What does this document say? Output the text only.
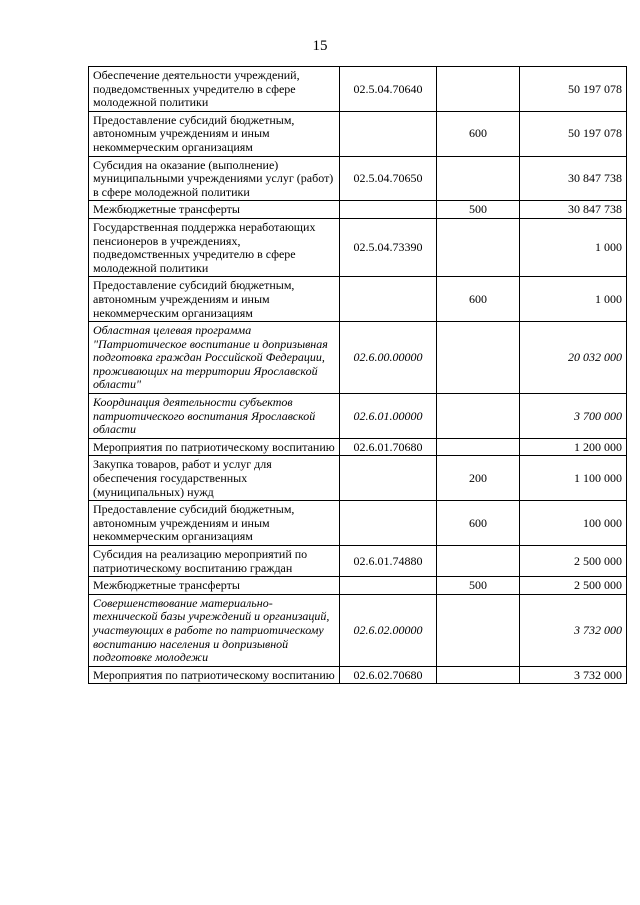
15
Обеспечение деятельности учреждений, подведомственных учредителю в сфере молодежной политики	02.5.04.70640		50 197 078
Предоставление субсидий бюджетным, автономным учреждениям и иным некоммерческим организациям		600	50 197 078
Субсидия на оказание (выполнение) муниципальными учреждениями услуг (работ) в сфере молодежной политики	02.5.04.70650		30 847 738
Межбюджетные трансферты		500	30 847 738
Государственная поддержка неработающих пенсионеров в учреждениях, подведомственных учредителю в сфере молодежной политики	02.5.04.73390		1 000
Предоставление субсидий бюджетным, автономным учреждениям и иным некоммерческим организациям		600	1 000
Областная целевая программа "Патриотическое воспитание и допризывная подготовка граждан Российской Федерации, проживающих на территории Ярославской области"	02.6.00.00000		20 032 000
Координация деятельности субъектов патриотического воспитания Ярославской области	02.6.01.00000		3 700 000
Мероприятия по патриотическому воспитанию	02.6.01.70680		1 200 000
Закупка товаров, работ и услуг для обеспечения государственных (муниципальных) нужд		200	1 100 000
Предоставление субсидий бюджетным, автономным учреждениям и иным некоммерческим организациям		600	100 000
Субсидия на реализацию мероприятий по патриотическому воспитанию граждан	02.6.01.74880		2 500 000
Межбюджетные трансферты		500	2 500 000
Совершенствование материально-технической базы учреждений и организаций, участвующих в работе по патриотическому воспитанию населения и допризывной подготовке молодежи	02.6.02.00000		3 732 000
Мероприятия по патриотическому воспитанию	02.6.02.70680		3 732 000
